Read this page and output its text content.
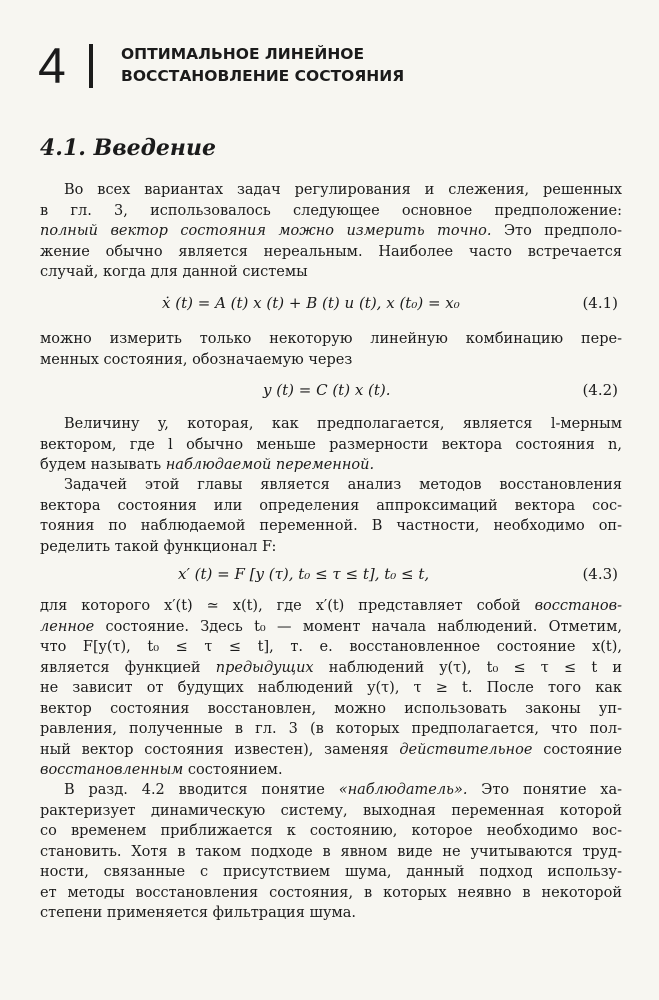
4	ОПТИМАЛЬНОЕ ЛИНЕЙНОЕ
ВОССТАНОВЛЕНИЕ СОСТОЯНИЯ
4.1. Введение
Во всех вариантах задач регулирования и слежения, решенных
в гл. 3, использовалось следующее основное предположение:
полный вектор состояния можно измерить точно. Это предполо-
жение обычно является нереальным. Наиболее часто встречается
случай, когда для данной системы
ẋ (t) = A (t) x (t) + B (t) u (t), x (t₀) = x₀	(4.1)
можно измерить только некоторую линейную комбинацию пере-
менных состояния, обозначаемую через
y (t) = C (t) x (t).	(4.2)
Величину y, которая, как предполагается, является l-мерным
вектором, где l обычно меньше размерности вектора состояния n,
будем называть наблюдаемой переменной.
Задачей этой главы является анализ методов восстановления
вектора состояния или определения аппроксимаций вектора сос-
тояния по наблюдаемой переменной. В частности, необходимо оп-
ределить такой функционал F:
x′ (t) = F [y (τ), t₀ ≤ τ ≤ t], t₀ ≤ t,	(4.3)
для которого x′(t) ≃ x(t), где x′(t) представляет собой восстанов-
ленное состояние. Здесь t₀ — момент начала наблюдений. Отметим,
что F[y(τ), t₀ ≤ τ ≤ t], т. е. восстановленное состояние x(t),
является функцией предыдущих наблюдений y(τ), t₀ ≤ τ ≤ t и
не зависит от будущих наблюдений y(τ), τ ≥ t. После того как
вектор состояния восстановлен, можно использовать законы уп-
равления, полученные в гл. 3 (в которых предполагается, что пол-
ный вектор состояния известен), заменяя действительное состояние
восстановленным состоянием.
В разд. 4.2 вводится понятие «наблюдатель». Это понятие ха-
рактеризует динамическую систему, выходная переменная которой
со временем приближается к состоянию, которое необходимо вос-
становить. Хотя в таком подходе в явном виде не учитываются труд-
ности, связанные с присутствием шума, данный подход использу-
ет методы восстановления состояния, в которых неявно в некоторой
степени применяется фильтрация шума.
